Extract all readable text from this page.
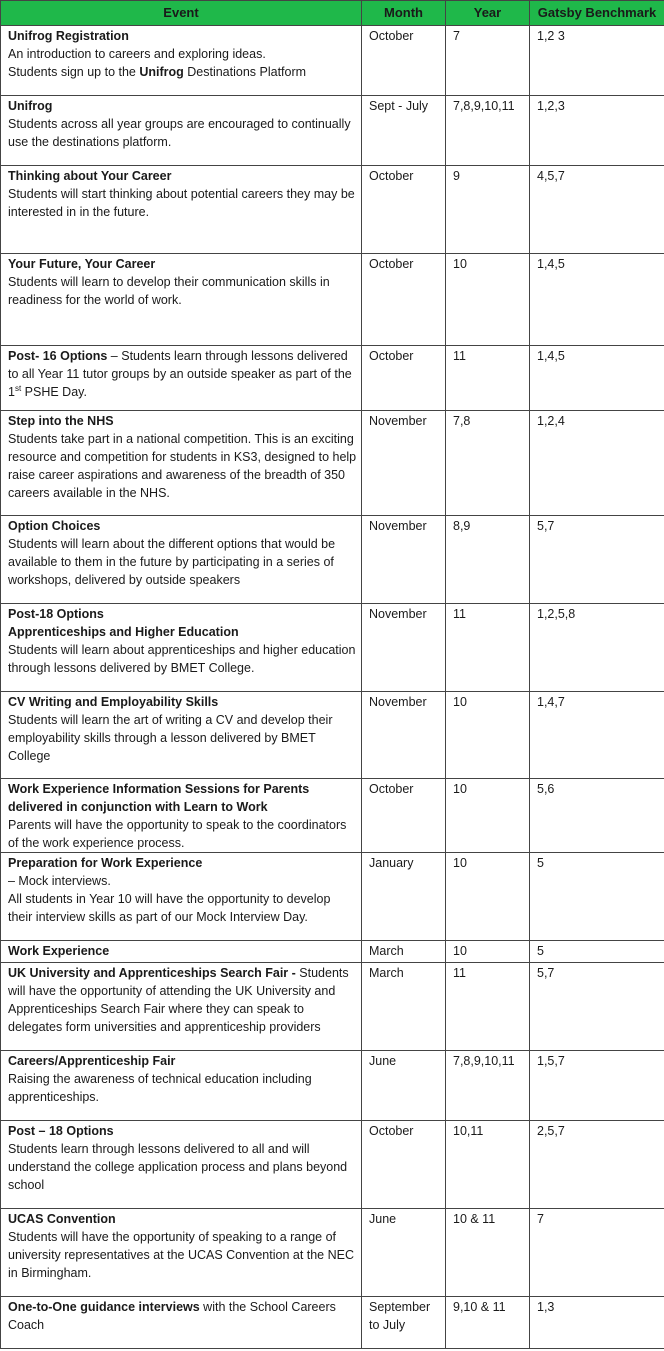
Event	Month	Year	Gatsby Benchmark

Unifrog Registration
An introduction to careers and exploring ideas.
Students sign up to the Unifrog Destinations Platform	October	7	1,2 3

Unifrog
Students across all year groups are encouraged to continually use the destinations platform.	Sept - July	7,8,9,10,11	1,2,3

Thinking about Your Career
Students will start thinking about potential careers they may be interested in in the future.	October	9	4,5,7

Your Future, Your Career
Students will learn to develop their communication skills in readiness for the world of work.	October	10	1,4,5
Post- 16 Options – Students learn through lessons delivered to all Year 11 tutor groups by an outside speaker as part of the 1st PSHE Day.	October	11	1,4,5

Step into the NHS
Students take part in a national competition. This is an exciting resource and competition for students in KS3, designed to help raise career aspirations and awareness of the breadth of 350 careers available in the NHS.	November	7,8	1,2,4

Option Choices
Students will learn about the different options that would be available to them in the future by participating in a series of workshops, delivered by outside speakers	November	8,9	5,7

Post-18 Options
Apprenticeships and Higher Education
Students will learn about apprenticeships and higher education through lessons delivered by BMET College.	November	11	1,2,5,8

CV Writing and Employability Skills
Students will learn the art of writing a CV and develop their employability skills through a lesson delivered by BMET College	November	10	1,4,7

Work Experience Information Sessions for Parents delivered in conjunction with Learn to Work
Parents will have the opportunity to speak to the coordinators of the work experience process.	October	10	5,6
Preparation for Work Experience
– Mock interviews.
All students in Year 10 will have the opportunity to develop their interview skills as part of our Mock Interview Day.	January	10	5
Work Experience	March	10	5
UK University and Apprenticeships Search Fair - Students will have the opportunity of attending the UK University and Apprenticeships Search Fair where they can speak to delegates form universities and apprenticeship providers	March	11	5,7

Careers/Apprenticeship Fair
Raising the awareness of technical education including apprenticeships.	June	7,8,9,10,11	1,5,7

Post – 18 Options
Students learn through lessons delivered to all and will understand the college application process and plans beyond school	October	10,11	2,5,7

UCAS Convention
Students will have the opportunity of speaking to a range of university representatives at the UCAS Convention at the NEC in Birmingham.	June	10 & 11	7
One-to-One guidance interviews with the School Careers Coach	September to July	9,10 & 11	1,3
